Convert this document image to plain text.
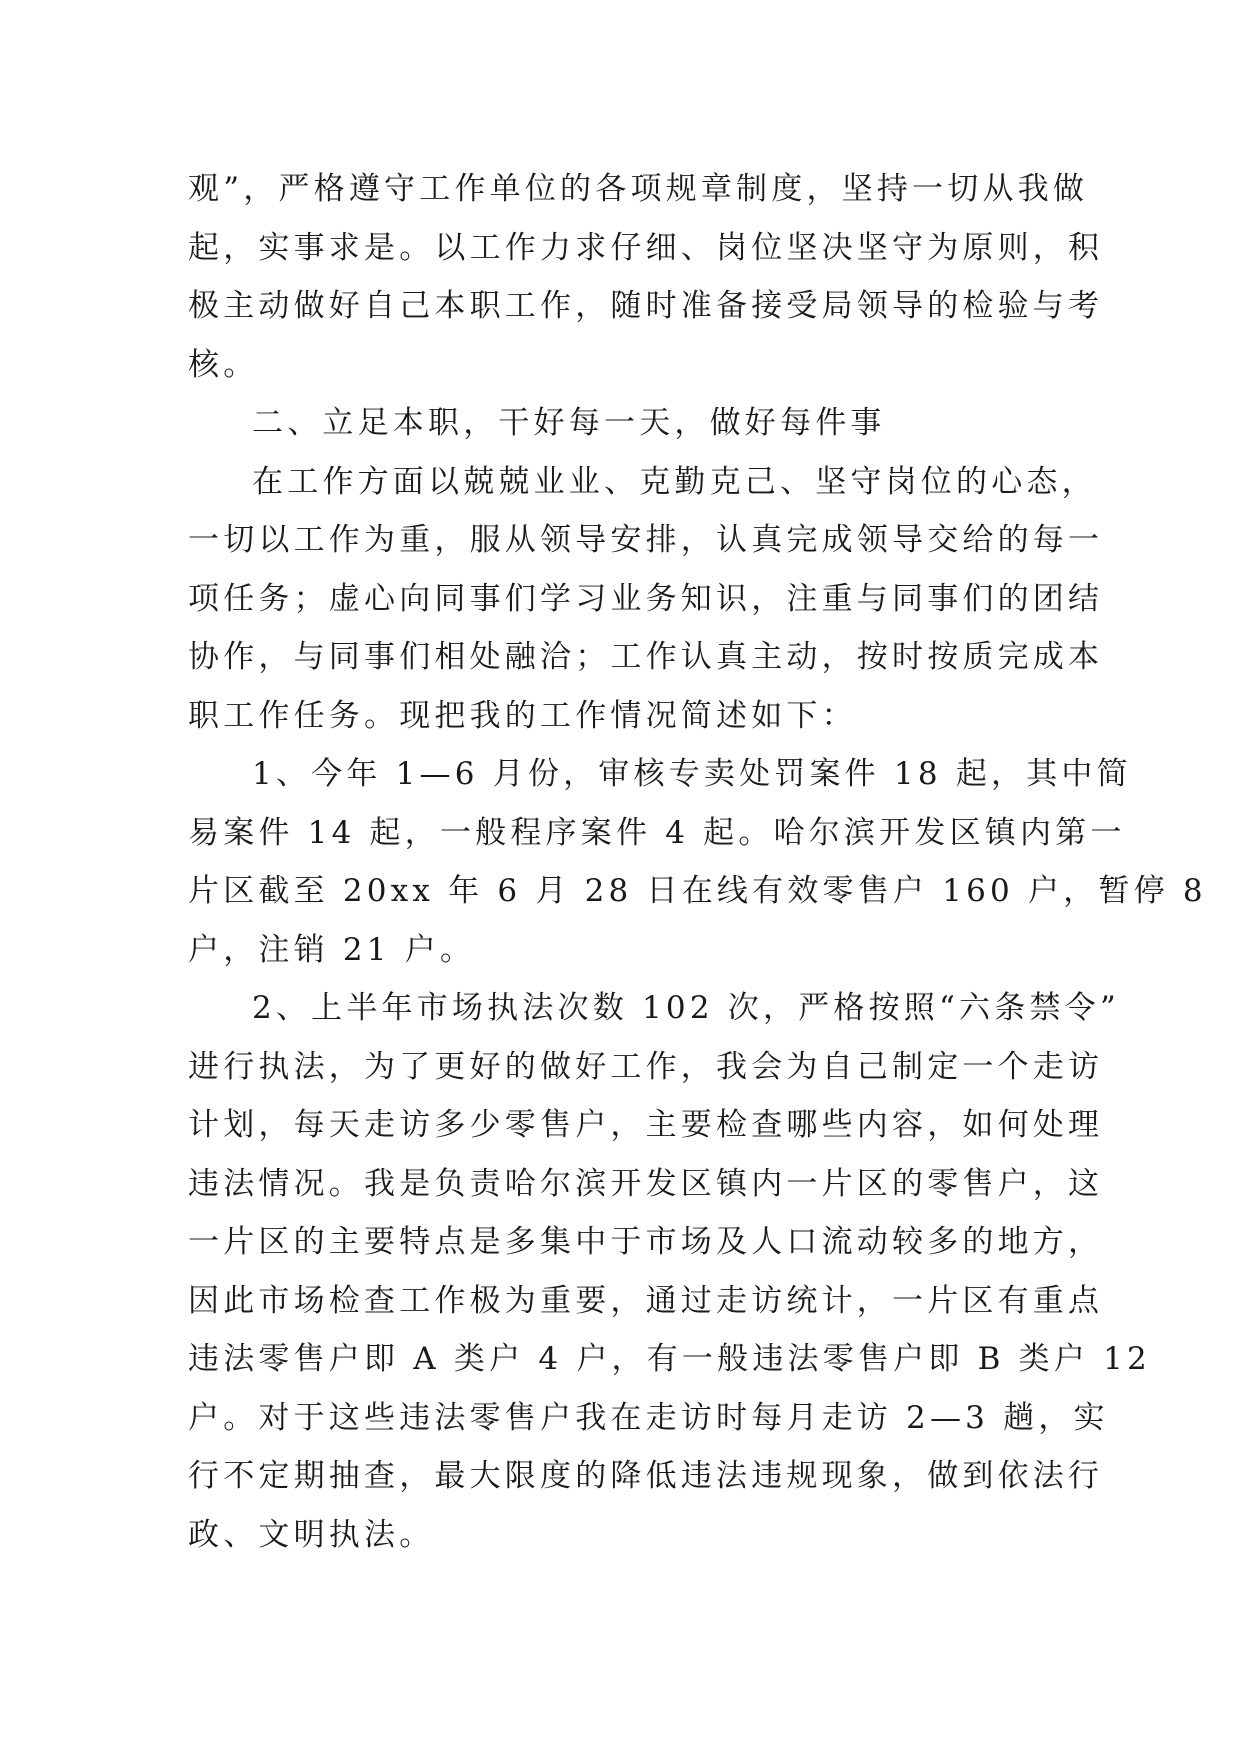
观”，严格遵守工作单位的各项规章制度，坚持一切从我做
起，实事求是。以工作力求仔细、岗位坚决坚守为原则，积
极主动做好自己本职工作，随时准备接受局领导的检验与考
核。

二、立足本职，干好每一天，做好每件事

在工作方面以兢兢业业、克勤克己、坚守岗位的心态，
一切以工作为重，服从领导安排，认真完成领导交给的每一
项任务；虚心向同事们学习业务知识，注重与同事们的团结
协作，与同事们相处融洽；工作认真主动，按时按质完成本
职工作任务。现把我的工作情况简述如下：

1、今年 1—6 月份，审核专卖处罚案件 18 起，其中简
易案件 14 起，一般程序案件 4 起。哈尔滨开发区镇内第一
片区截至 20xx 年 6 月 28 日在线有效零售户 160 户，暂停 8
户，注销 21 户。

2、上半年市场执法次数 102 次，严格按照“六条禁令”
进行执法，为了更好的做好工作，我会为自己制定一个走访
计划，每天走访多少零售户，主要检查哪些内容，如何处理
违法情况。我是负责哈尔滨开发区镇内一片区的零售户，这
一片区的主要特点是多集中于市场及人口流动较多的地方，
因此市场检查工作极为重要，通过走访统计，一片区有重点
违法零售户即 A 类户 4 户，有一般违法零售户即 B 类户 12
户。对于这些违法零售户我在走访时每月走访 2—3 趟，实
行不定期抽查，最大限度的降低违法违规现象，做到依法行
政、文明执法。
